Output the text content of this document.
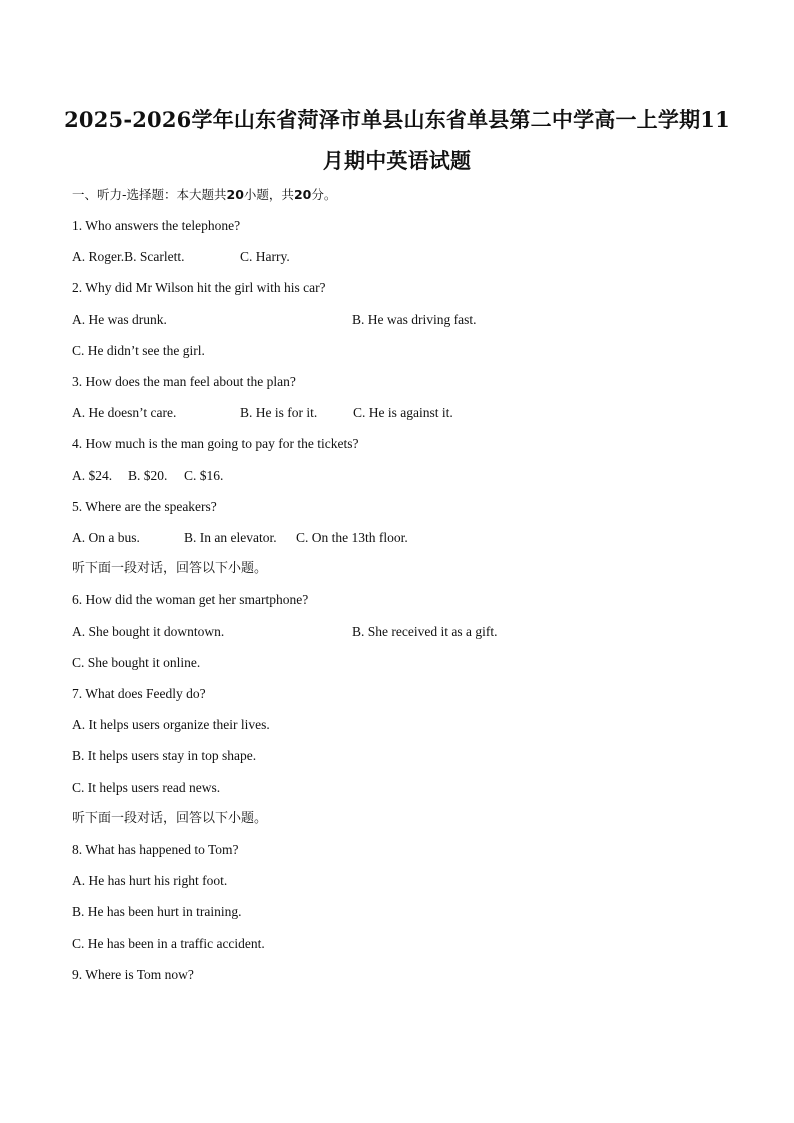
2025-2026学年山东省菏泽市单县山东省单县第二中学高一上学期11
月期中英语试题
一、听力-选择题：本大题共20小题，共20分。
1. Who answers the telephone?
A. Roger.B. Scarlett.	C. Harry.
2. Why did Mr Wilson hit the girl with his car?
A. He was drunk.	B. He was driving fast.
C. He didn’t see the girl.
3. How does the man feel about the plan?
A. He doesn’t care.	B. He is for it.	C. He is against it.
4. How much is the man going to pay for the tickets?
A. $24. B. $20. C. $16.
5. Where are the speakers?
A. On a bus.	B. In an elevator. C. On the 13th floor.
听下面一段对话，回答以下小题。
6. How did the woman get her smartphone?
A. She bought it downtown.	B. She received it as a gift.
C. She bought it online.
7. What does Feedly do?
A. It helps users organize their lives.
B. It helps users stay in top shape.
C. It helps users read news.
听下面一段对话，回答以下小题。
8. What has happened to Tom?
A. He has hurt his right foot.
B. He has been hurt in training.
C. He has been in a traffic accident.
9. Where is Tom now?
